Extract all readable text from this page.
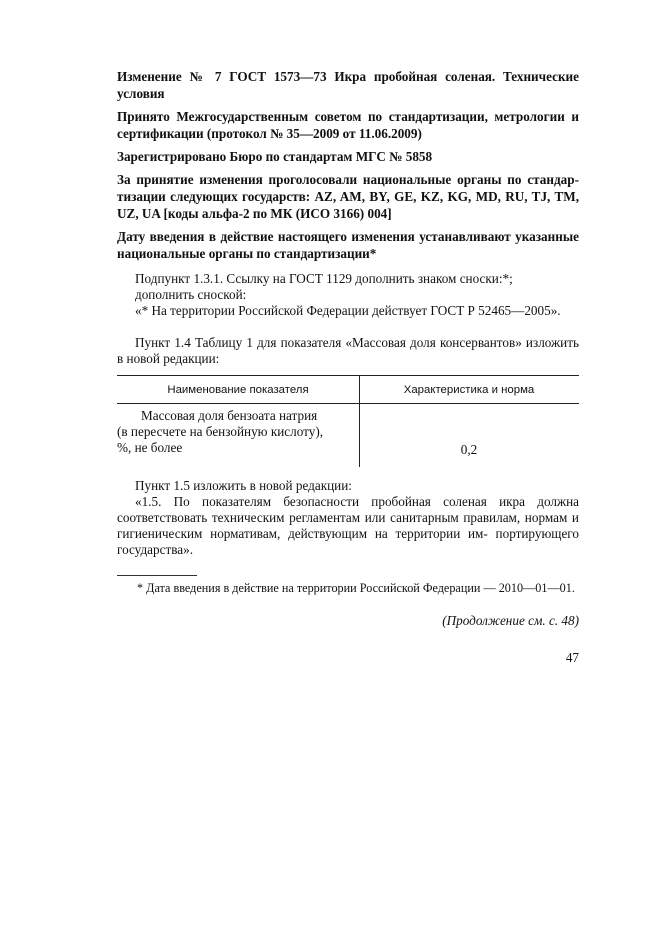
Изменение № 7 ГОСТ 1573—73 Икра пробойная соленая. Технические условия
Принято Межгосударственным советом по стандартизации, метрологии и сертификации (протокол № 35—2009 от 11.06.2009)
Зарегистрировано Бюро по стандартам МГС № 5858
За принятие изменения проголосовали национальные органы по стандар- тизации следующих государств: AZ, AM, BY, GE, KZ, KG, MD, RU, TJ, TM, UZ, UA [коды альфа-2 по МК (ИСО 3166) 004]
Дату введения в действие настоящего изменения устанавливают указанные национальные органы по стандартизации*
Подпункт 1.3.1. Ссылку на ГОСТ 1129 дополнить знаком сноски:*;
дополнить сноской:
«* На территории Российской Федерации действует ГОСТ Р 52465—2005».
Пункт 1.4 Таблицу 1 для показателя «Массовая доля консервантов» изложить в новой редакции:
Наименование показателя	Характеристика и норма
Массовая доля бензоата натрия
(в пересчете на бензойную кислоту),
%, не более	0,2
Пункт 1.5 изложить в новой редакции:
«1.5. По показателям безопасности пробойная соленая икра должна соответствовать техническим регламентам или санитарным правилам, нормам и гигиеническим нормативам, действующим на территории им- портирующего государства».
* Дата введения в действие на территории Российской Федерации — 2010—01—01.
(Продолжение см. с. 48)
47
